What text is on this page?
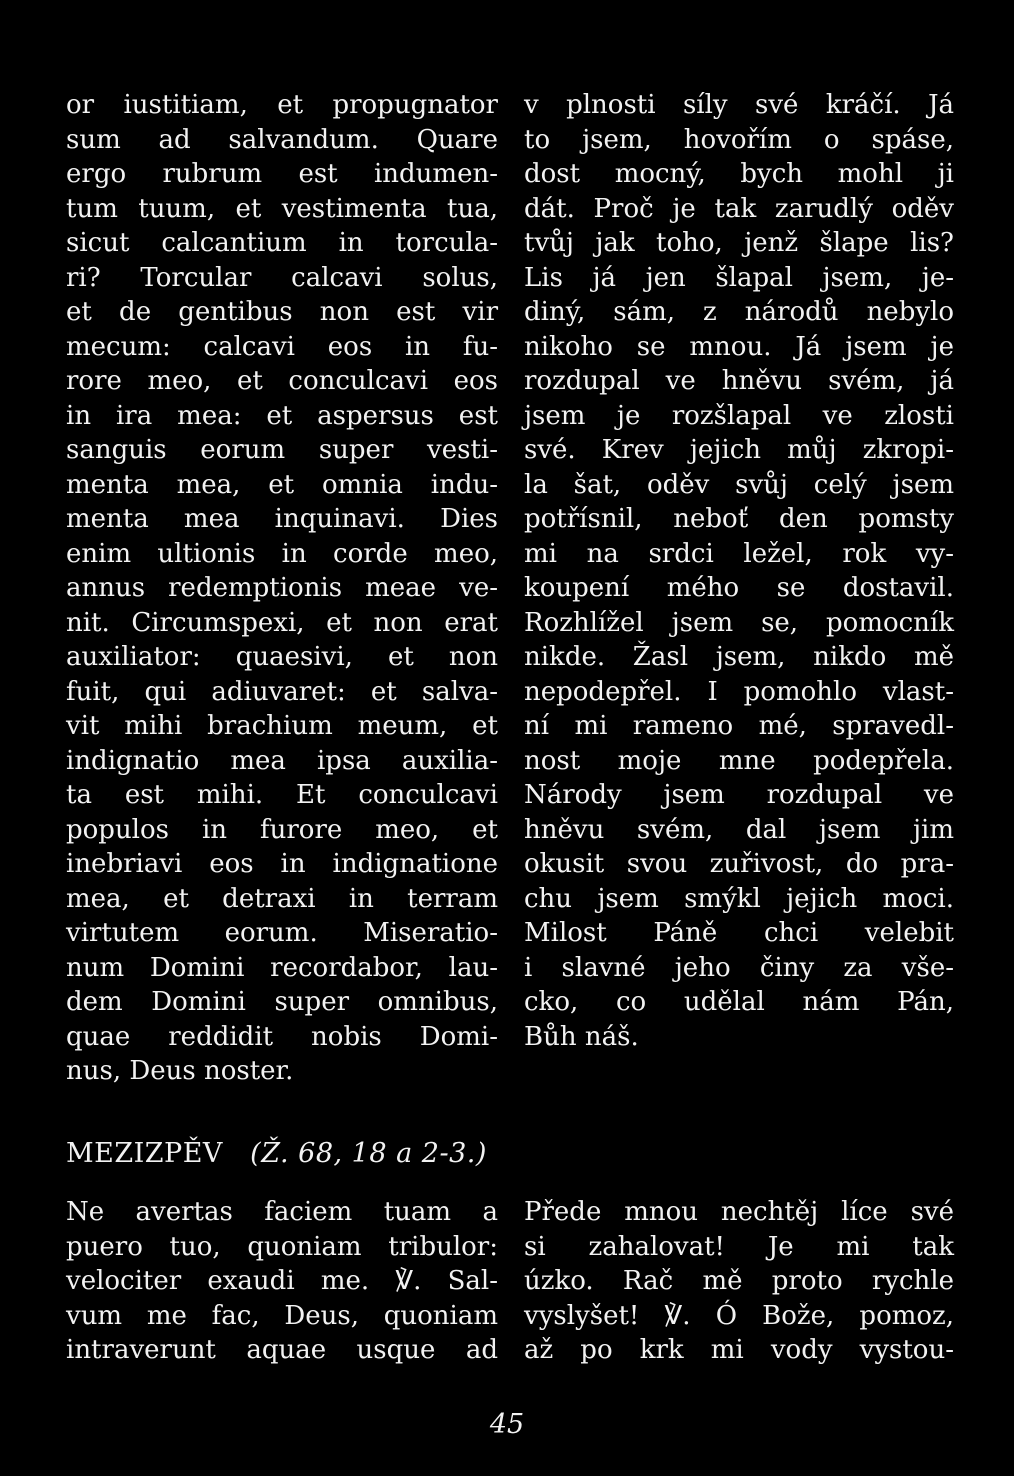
or iustitiam, et propugnator
sum ad salvandum. Quare
ergo rubrum est indumen-
tum tuum, et vestimenta tua,
sicut calcantium in torcula-
ri? Torcular calcavi solus,
et de gentibus non est vir
mecum: calcavi eos in fu-
rore meo, et conculcavi eos
in ira mea: et aspersus est
sanguis eorum super vesti-
menta mea, et omnia indu-
menta mea inquinavi. Dies
enim ultionis in corde meo,
annus redemptionis meae ve-
nit. Circumspexi, et non erat
auxiliator: quaesivi, et non
fuit, qui adiuvaret: et salva-
vit mihi brachium meum, et
indignatio mea ipsa auxilia-
ta est mihi. Et conculcavi
populos in furore meo, et
inebriavi eos in indignatione
mea, et detraxi in terram
virtutem eorum. Miseratio-
num Domini recordabor, lau-
dem Domini super omnibus,
quae reddidit nobis Domi-
nus, Deus noster.
v plnosti síly své kráčí. Já
to jsem, hovořím o spáse,
dost mocný, bych mohl ji
dát. Proč je tak zarudlý oděv
tvůj jak toho, jenž šlape lis?
Lis já jen šlapal jsem, je-
diný, sám, z národů nebylo
nikoho se mnou. Já jsem je
rozdupal ve hněvu svém, já
jsem je rozšlapal ve zlosti
své. Krev jejich můj zkropi-
la šat, oděv svůj celý jsem
potřísnil, neboť den pomsty
mi na srdci ležel, rok vy-
koupení mého se dostavil.
Rozhlížel jsem se, pomocník
nikde. Žasl jsem, nikdo mě
nepodepřel. I pomohlo vlast-
ní mi rameno mé, spravedl-
nost moje mne podepřela.
Národy jsem rozdupal ve
hněvu svém, dal jsem jim
okusit svou zuřivost, do pra-
chu jsem smýkl jejich moci.
Milost Páně chci velebit
i slavné jeho činy za vše-
cko, co udělal nám Pán,
Bůh náš.
MEZIZPĚV (Ž. 68, 18 a 2-3.)
Ne avertas faciem tuam a
puero tuo, quoniam tribulor:
velociter exaudi me. ℣. Sal-
vum me fac, Deus, quoniam
intraverunt aquae usque ad
Přede mnou nechtěj líce své
si zahalovat! Je mi tak
úzko. Rač mě proto rychle
vyslyšet! ℣. Ó Bože, pomoz,
až po krk mi vody vystou-
45
